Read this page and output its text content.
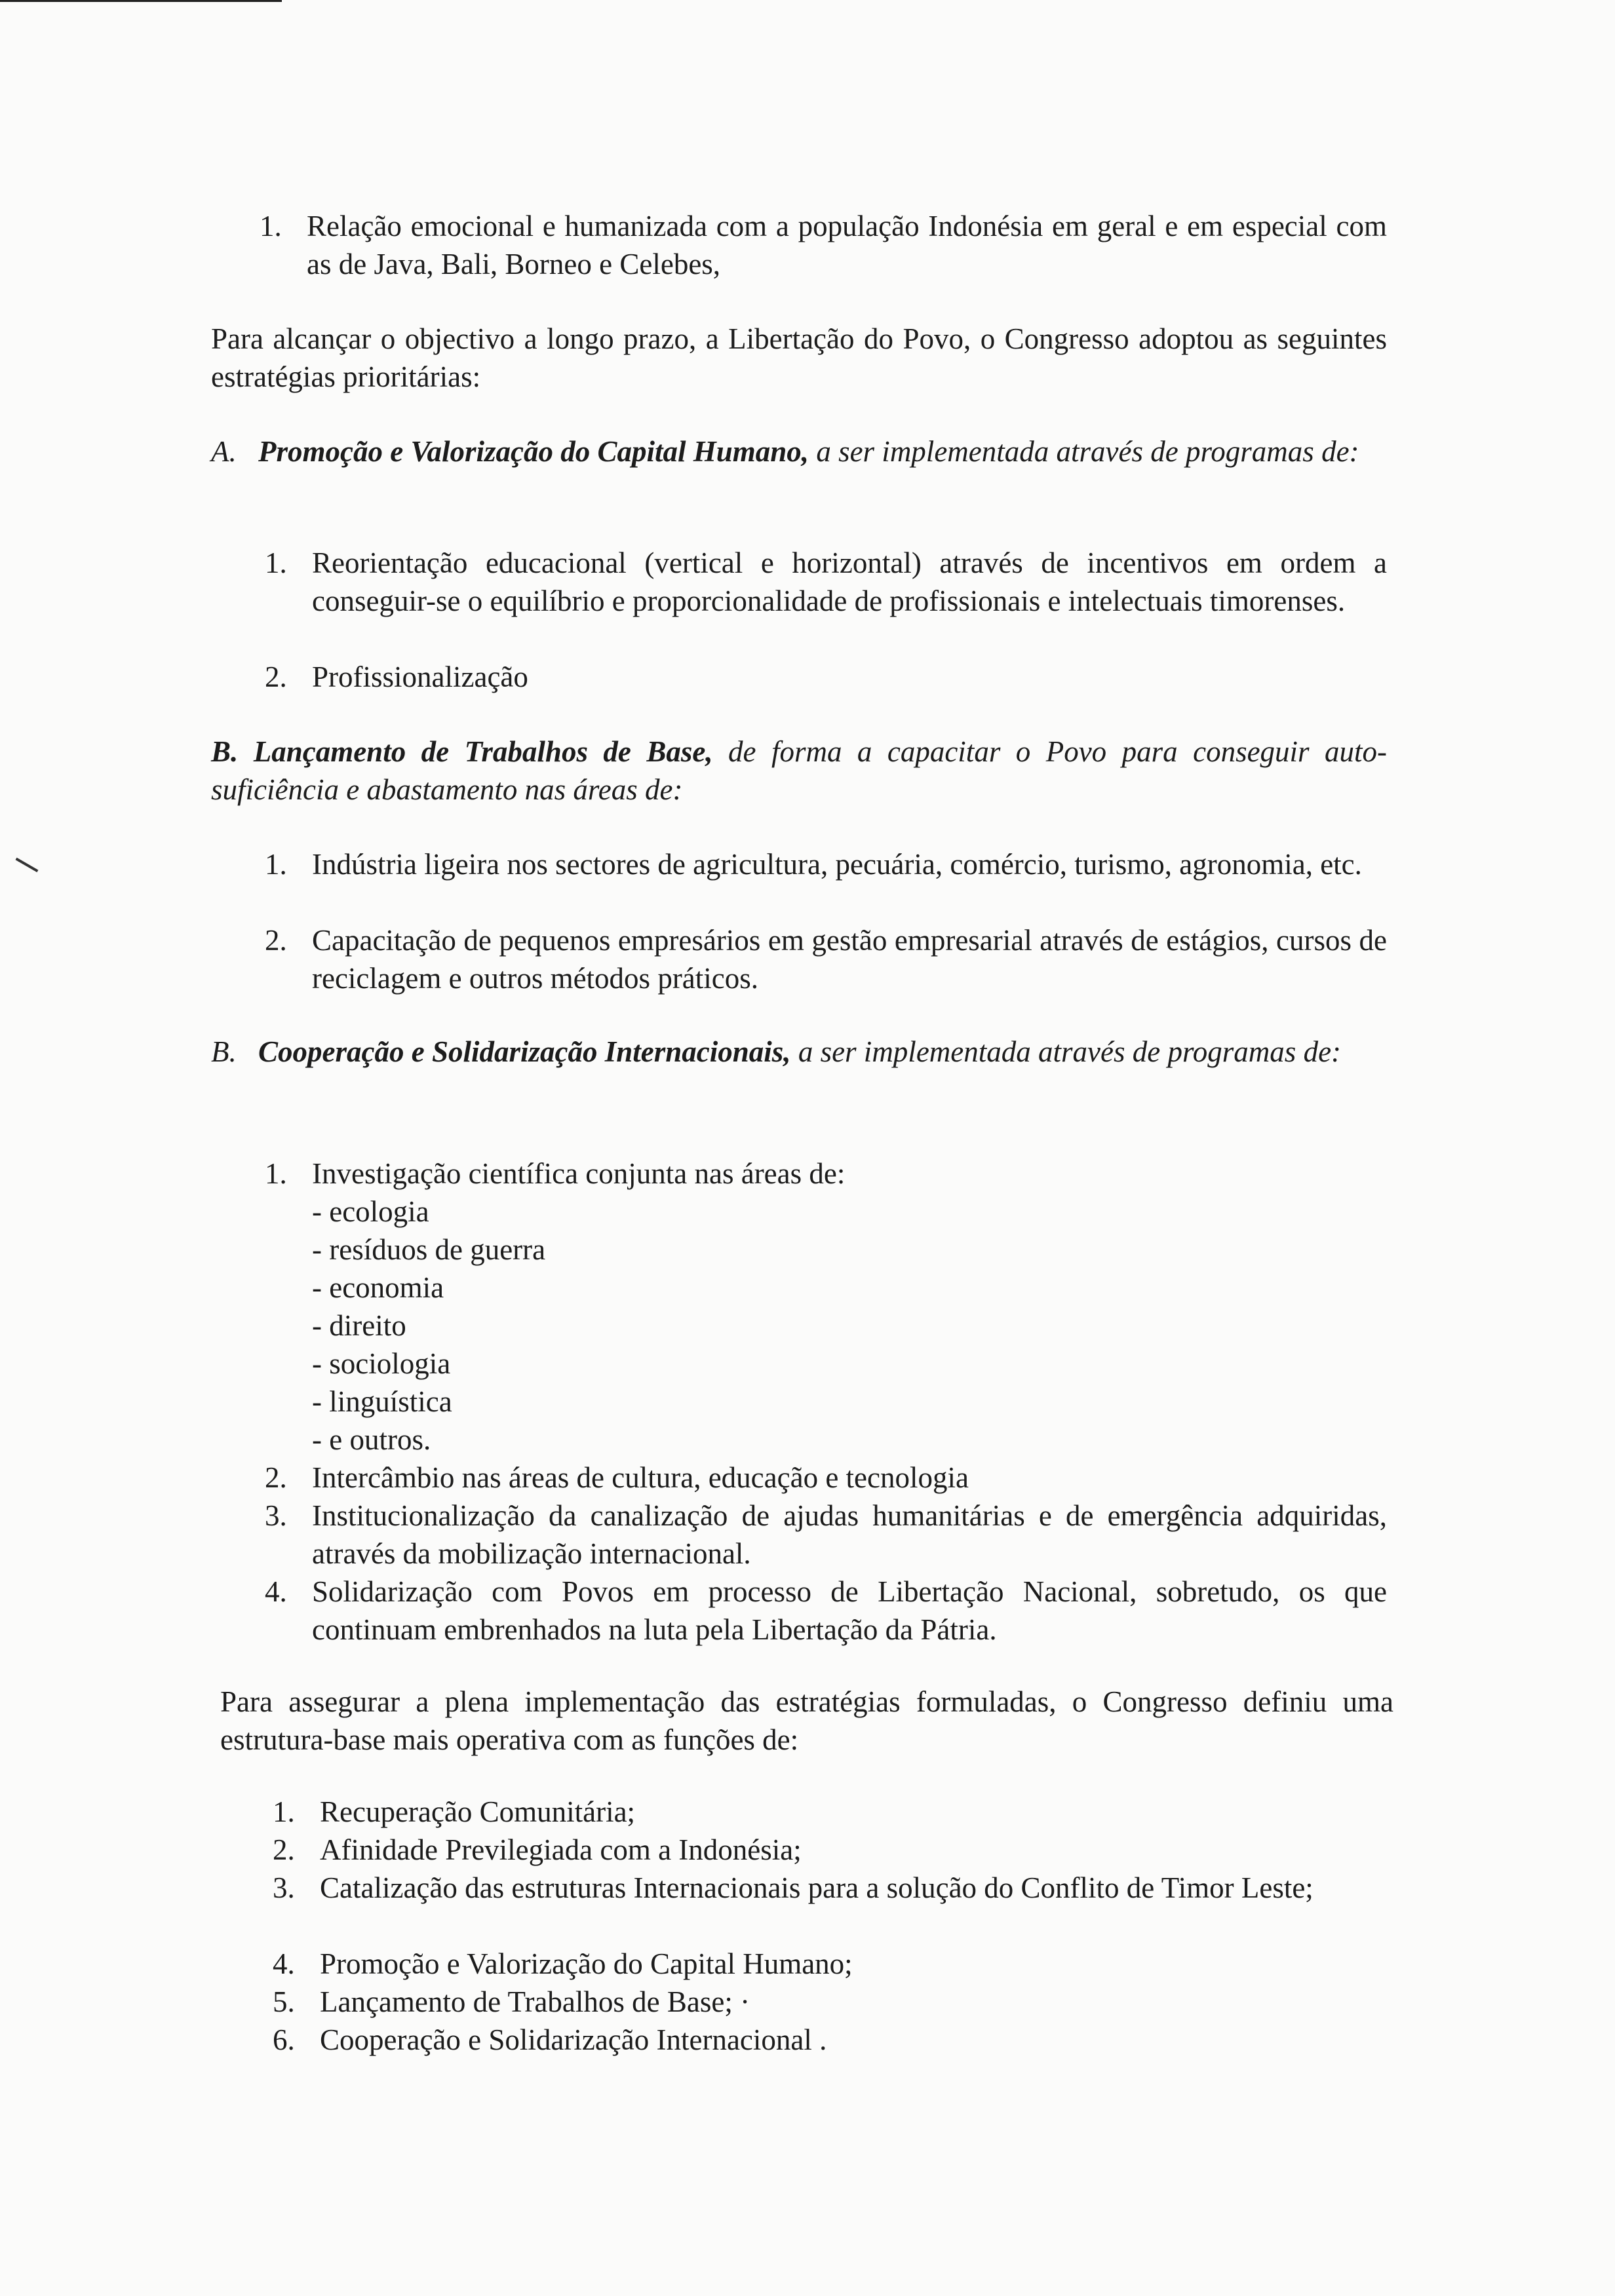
1. Relação emocional e humanizada com a população Indonésia em geral e em especial com as de Java, Bali, Borneo e Celebes,
Para alcançar o objectivo a longo prazo, a Libertação do Povo, o Congresso adoptou as seguintes estratégias prioritárias:
A. Promoção e Valorização do Capital Humano, a ser implementada através de programas de:
1. Reorientação educacional (vertical e horizontal) através de incentivos em ordem a conseguir-se o equilíbrio e proporcionalidade de profissionais e intelectuais timorenses.
2. Profissionalização
B. Lançamento de Trabalhos de Base, de forma a capacitar o Povo para conseguir auto- suficiência e abastamento nas áreas de:
1. Indústria ligeira nos sectores de agricultura, pecuária, comércio, turismo, agronomia, etc.
2. Capacitação de pequenos empresários em gestão empresarial através de estágios, cursos de reciclagem e outros métodos práticos.
B. Cooperação e Solidarização Internacionais, a ser implementada através de programas de:
1. Investigação científica conjunta nas áreas de:
- ecologia
- resíduos de guerra
- economia
- direito
- sociologia
- linguística
- e outros.
2. Intercâmbio nas áreas de cultura, educação e tecnologia
3. Institucionalização da canalização de ajudas humanitárias e de emergência adquiridas, através da mobilização internacional.
4. Solidarização com Povos em processo de Libertação Nacional, sobretudo, os que continuam embrenhados na luta pela Libertação da Pátria.
Para assegurar a plena implementação das estratégias formuladas, o Congresso definiu uma estrutura-base mais operativa com as funções de:
1. Recuperação Comunitária;
2. Afinidade Previlegiada com a Indonésia;
3. Catalização das estruturas Internacionais para a solução do Conflito de Timor Leste;
4. Promoção e Valorização do Capital Humano;
5. Lançamento de Trabalhos de Base; ·
6. Cooperação e Solidarização Internacional .
